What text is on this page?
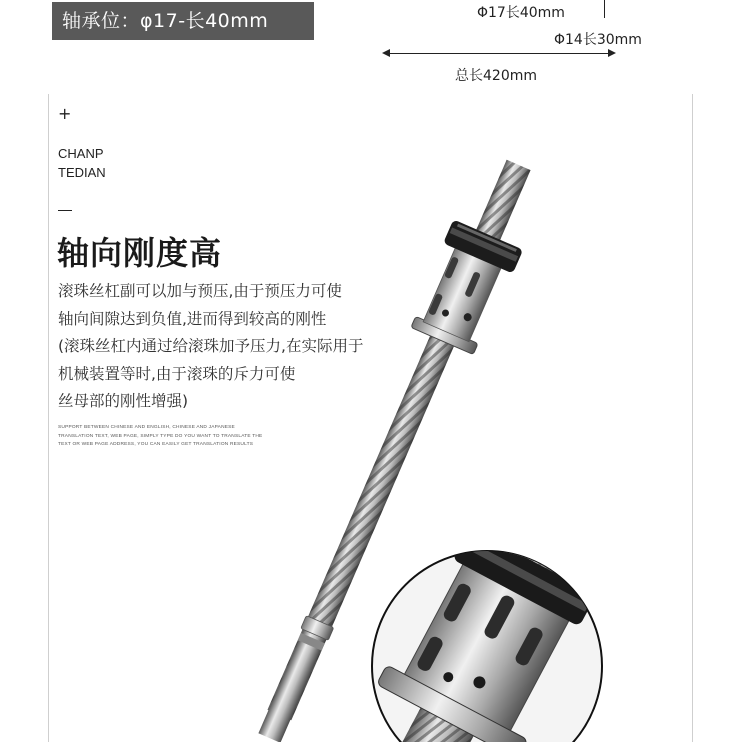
轴承位：φ17-长40mm	Φ17长40mm
Φ14长30mm
总长420mm
+
CHANP
TEDIAN
轴向刚度高
滚珠丝杠副可以加与预压,由于预压力可使
轴向间隙达到负值,进而得到较高的刚性
(滚珠丝杠内通过给滚珠加予压力,在实际用于
机械装置等时,由于滚珠的斥力可使
丝母部的刚性增强)
SUPPORT BETWEEN CHINESE AND ENGLISH, CHINESE AND JAPANESE TRANSLATION TEXT, WEB PAGE, SIMPLY TYPE DO YOU WANT TO TRANSLATE THE TEXT OR WEB PAGE ADDRESS, YOU CAN EASILY GET TRANSLATION RESULTS
